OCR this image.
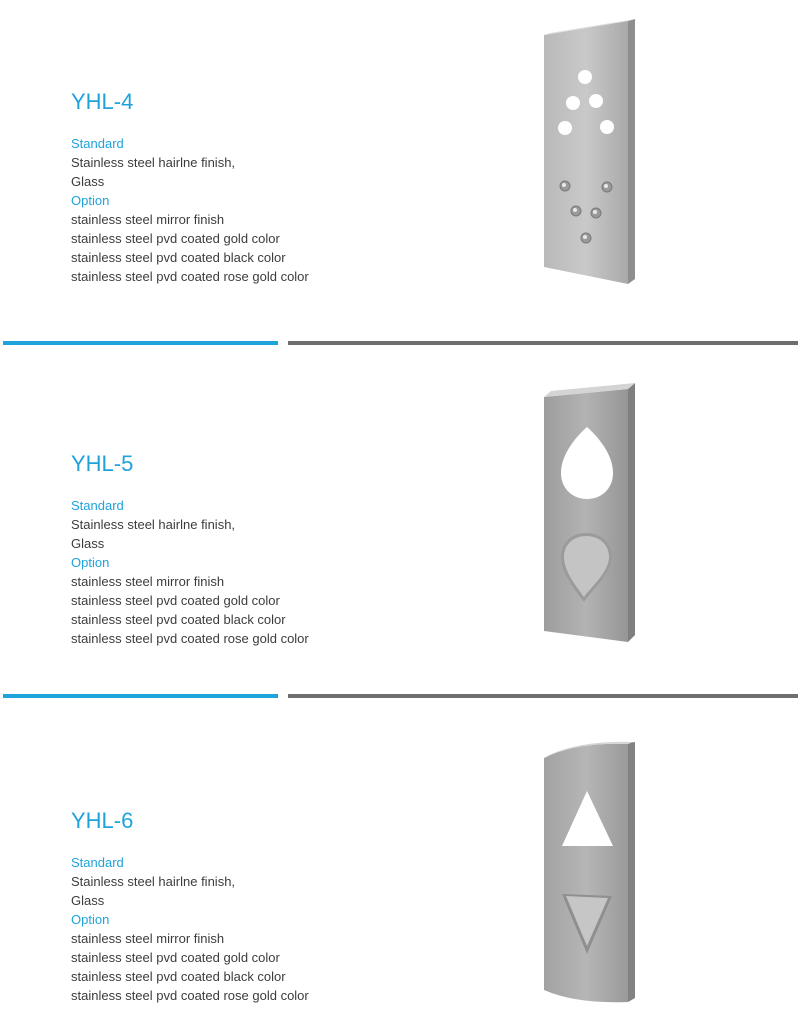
YHL-4
Standard
Stainless steel hairlne finish,
Glass
Option
stainless steel mirror finish
stainless steel pvd coated gold color
stainless steel pvd coated black color
stainless steel pvd coated rose gold color
YHL-5
Standard
Stainless steel hairlne finish,
Glass
Option
stainless steel mirror finish
stainless steel pvd coated gold color
stainless steel pvd coated black color
stainless steel pvd coated rose gold color
YHL-6
Standard
Stainless steel hairlne finish,
Glass
Option
stainless steel mirror finish
stainless steel pvd coated gold color
stainless steel pvd coated black color
stainless steel pvd coated rose gold color
